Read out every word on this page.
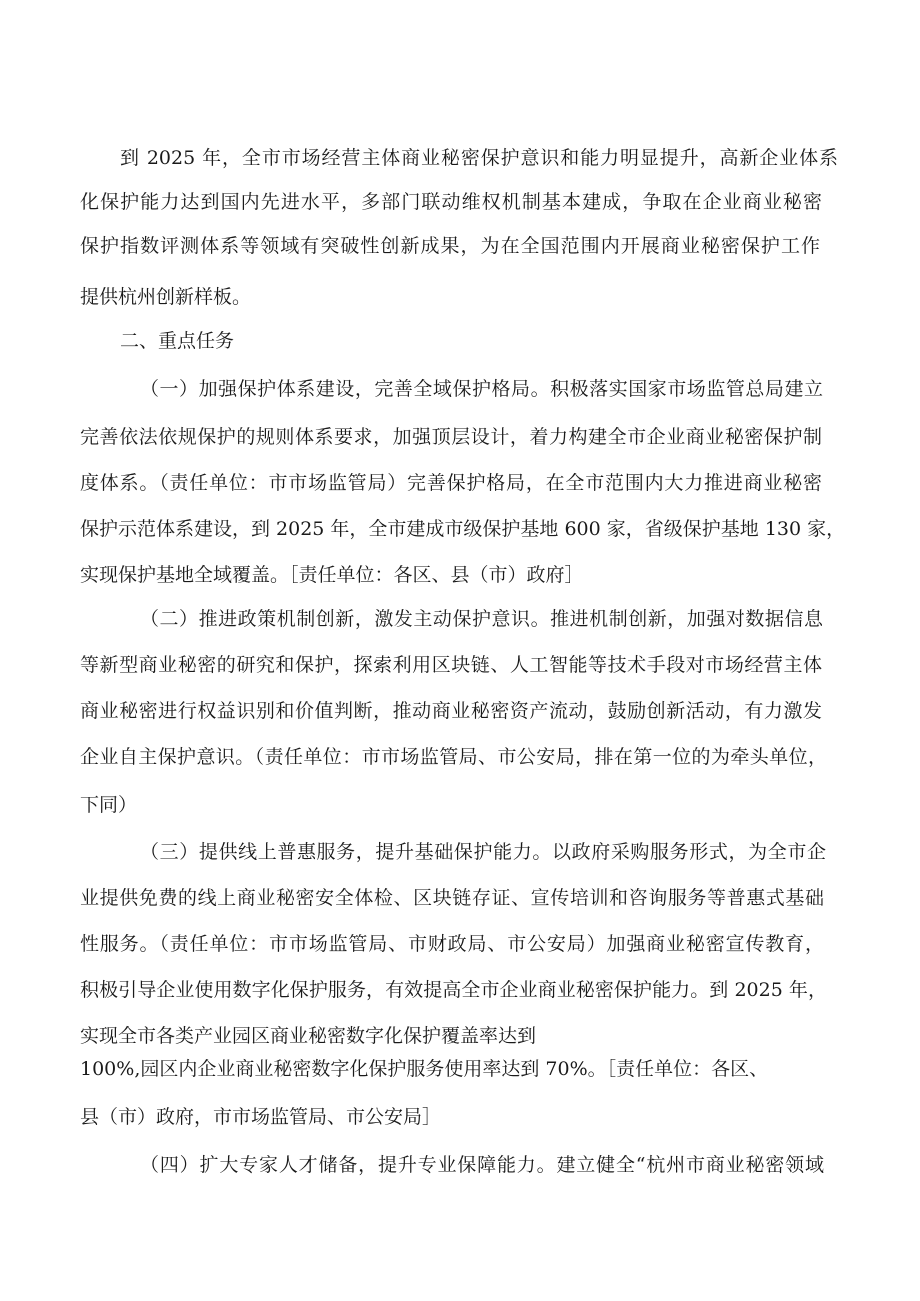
到 2025 年，全市市场经营主体商业秘密保护意识和能力明显提升，高新企业体系
化保护能力达到国内先进水平，多部门联动维权机制基本建成，争取在企业商业秘密
保护指数评测体系等领域有突破性创新成果，为在全国范围内开展商业秘密保护工作
提供杭州创新样板。
二、重点任务
（一）加强保护体系建设，完善全域保护格局。积极落实国家市场监管总局建立
完善依法依规保护的规则体系要求，加强顶层设计，着力构建全市企业商业秘密保护制
度体系。（责任单位：市市场监管局）完善保护格局，在全市范围内大力推进商业秘密
保护示范体系建设，到 2025 年，全市建成市级保护基地 600 家，省级保护基地 130 家，
实现保护基地全域覆盖。［责任单位：各区、县（市）政府］
（二）推进政策机制创新，激发主动保护意识。推进机制创新，加强对数据信息
等新型商业秘密的研究和保护，探索利用区块链、人工智能等技术手段对市场经营主体
商业秘密进行权益识别和价值判断，推动商业秘密资产流动，鼓励创新活动，有力激发
企业自主保护意识。（责任单位：市市场监管局、市公安局，排在第一位的为牵头单位，
下同）
（三）提供线上普惠服务，提升基础保护能力。以政府采购服务形式，为全市企
业提供免费的线上商业秘密安全体检、区块链存证、宣传培训和咨询服务等普惠式基础
性服务。（责任单位：市市场监管局、市财政局、市公安局）加强商业秘密宣传教育，
积极引导企业使用数字化保护服务，有效提高全市企业商业秘密保护能力。到 2025 年，
实现全市各类产业园区商业秘密数字化保护覆盖率达到
100%,园区内企业商业秘密数字化保护服务使用率达到 70%。［责任单位：各区、
县（市）政府，市市场监管局、市公安局］
（四）扩大专家人才储备，提升专业保障能力。建立健全“杭州市商业秘密领域
